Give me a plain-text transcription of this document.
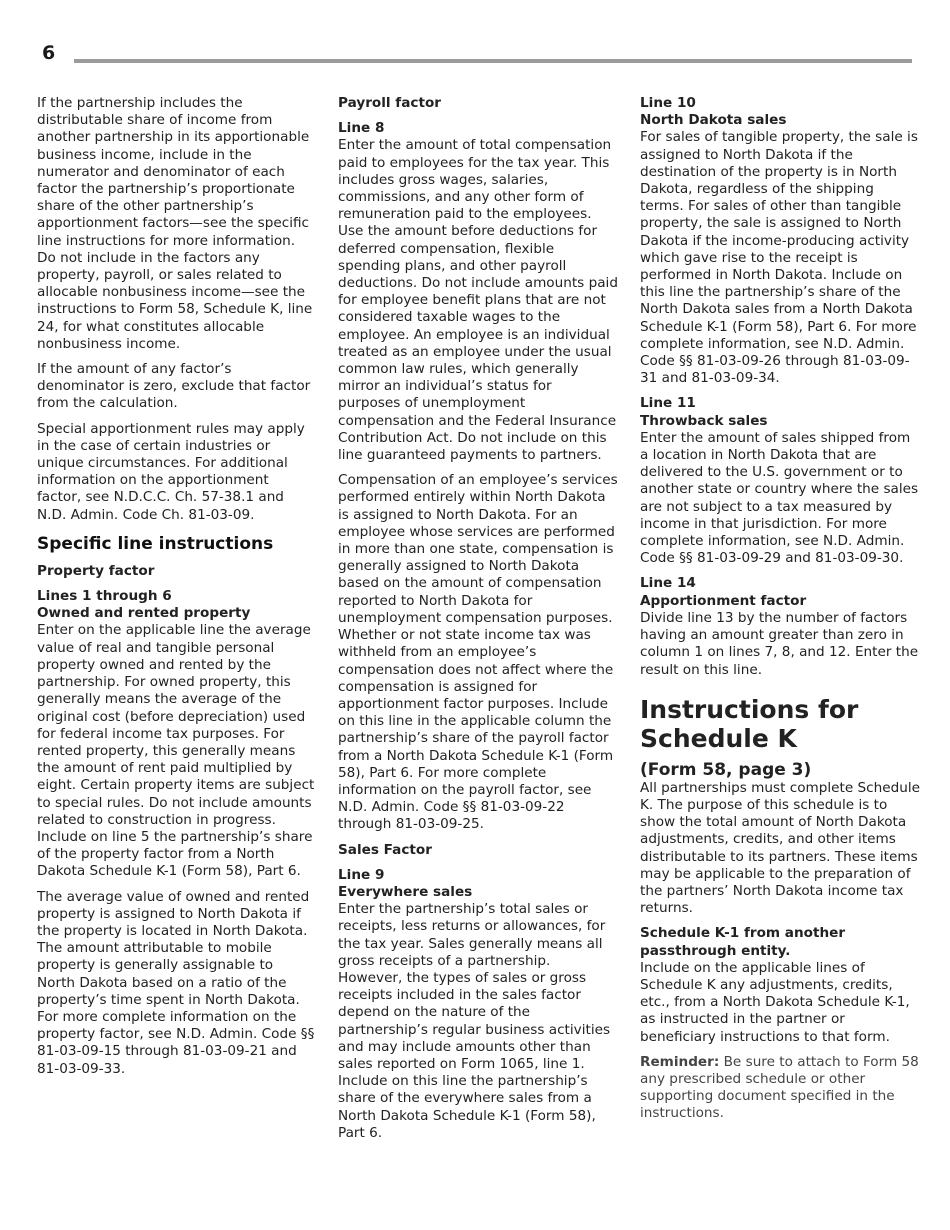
6

If the partnership includes the distributable share of income from another partnership in its apportionable business income, include in the numerator and denominator of each factor the partnership’s proportionate share of the other partnership’s apportionment factors—see the specific line instructions for more information. Do not include in the factors any property, payroll, or sales related to allocable nonbusiness income—see the instructions to Form 58, Schedule K, line 24, for what constitutes allocable nonbusiness income.

If the amount of any factor’s denominator is zero, exclude that factor from the calculation.

Special apportionment rules may apply in the case of certain industries or unique circumstances. For additional information on the apportionment factor, see N.D.C.C. Ch. 57-38.1 and N.D. Admin. Code Ch. 81-03-09.

Specific line instructions
Property factor
Lines 1 through 6
Owned and rented property

Enter on the applicable line the average value of real and tangible personal property owned and rented by the partnership. For owned property, this generally means the average of the original cost (before depreciation) used for federal income tax purposes. For rented property, this generally means the amount of rent paid multiplied by eight. Certain property items are subject to special rules. Do not include amounts related to construction in progress. Include on line 5 the partnership’s share of the property factor from a North Dakota Schedule K-1 (Form 58), Part 6.

The average value of owned and rented property is assigned to North Dakota if the property is located in North Dakota. The amount attributable to mobile property is generally assignable to North Dakota based on a ratio of the property’s time spent in North Dakota. For more complete information on the property factor, see N.D. Admin. Code §§ 81-03-09-15 through 81-03-09-21 and 81-03-09-33.

Payroll factor
Line 8

Enter the amount of total compensation paid to employees for the tax year. This includes gross wages, salaries, commissions, and any other form of remuneration paid to the employees. Use the amount before deductions for deferred compensation, flexible spending plans, and other payroll deductions. Do not include amounts paid for employee benefit plans that are not considered taxable wages to the employee. An employee is an individual treated as an employee under the usual common law rules, which generally mirror an individual’s status for purposes of unemployment compensation and the Federal Insurance Contribution Act. Do not include on this line guaranteed payments to partners.

Compensation of an employee’s services performed entirely within North Dakota is assigned to North Dakota. For an employee whose services are performed in more than one state, compensation is generally assigned to North Dakota based on the amount of compensation reported to North Dakota for unemployment compensation purposes. Whether or not state income tax was withheld from an employee’s compensation does not affect where the compensation is assigned for apportionment factor purposes. Include on this line in the applicable column the partnership’s share of the payroll factor from a North Dakota Schedule K-1 (Form 58), Part 6. For more complete information on the payroll factor, see N.D. Admin. Code §§ 81-03-09-22 through 81-03-09-25.

Sales Factor
Line 9
Everywhere sales

Enter the partnership’s total sales or receipts, less returns or allowances, for the tax year. Sales generally means all gross receipts of a partnership. However, the types of sales or gross receipts included in the sales factor depend on the nature of the partnership’s regular business activities and may include amounts other than sales reported on Form 1065, line 1. Include on this line the partnership’s share of the everywhere sales from a North Dakota Schedule K-1 (Form 58), Part 6.

Line 10
North Dakota sales

For sales of tangible property, the sale is assigned to North Dakota if the destination of the property is in North Dakota, regardless of the shipping terms. For sales of other than tangible property, the sale is assigned to North Dakota if the income-producing activity which gave rise to the receipt is performed in North Dakota. Include on this line the partnership’s share of the North Dakota sales from a North Dakota Schedule K-1 (Form 58), Part 6. For more complete information, see N.D. Admin. Code §§ 81-03-09-26 through 81-03-09-31 and 81-03-09-34.

Line 11
Throwback sales

Enter the amount of sales shipped from a location in North Dakota that are delivered to the U.S. government or to another state or country where the sales are not subject to a tax measured by income in that jurisdiction. For more complete information, see N.D. Admin. Code §§ 81-03-09-29 and 81-03-09-30.

Line 14
Apportionment factor

Divide line 13 by the number of factors having an amount greater than zero in column 1 on lines 7, 8, and 12. Enter the result on this line.

Instructions for Schedule K
(Form 58, page 3)

All partnerships must complete Schedule K. The purpose of this schedule is to show the total amount of North Dakota adjustments, credits, and other items distributable to its partners. These items may be applicable to the preparation of the partners’ North Dakota income tax returns.

Schedule K-1 from another passthrough entity.

Include on the applicable lines of Schedule K any adjustments, credits, etc., from a North Dakota Schedule K-1, as instructed in the partner or beneficiary instructions to that form.

Reminder: Be sure to attach to Form 58 any prescribed schedule or other supporting document specified in the instructions.
